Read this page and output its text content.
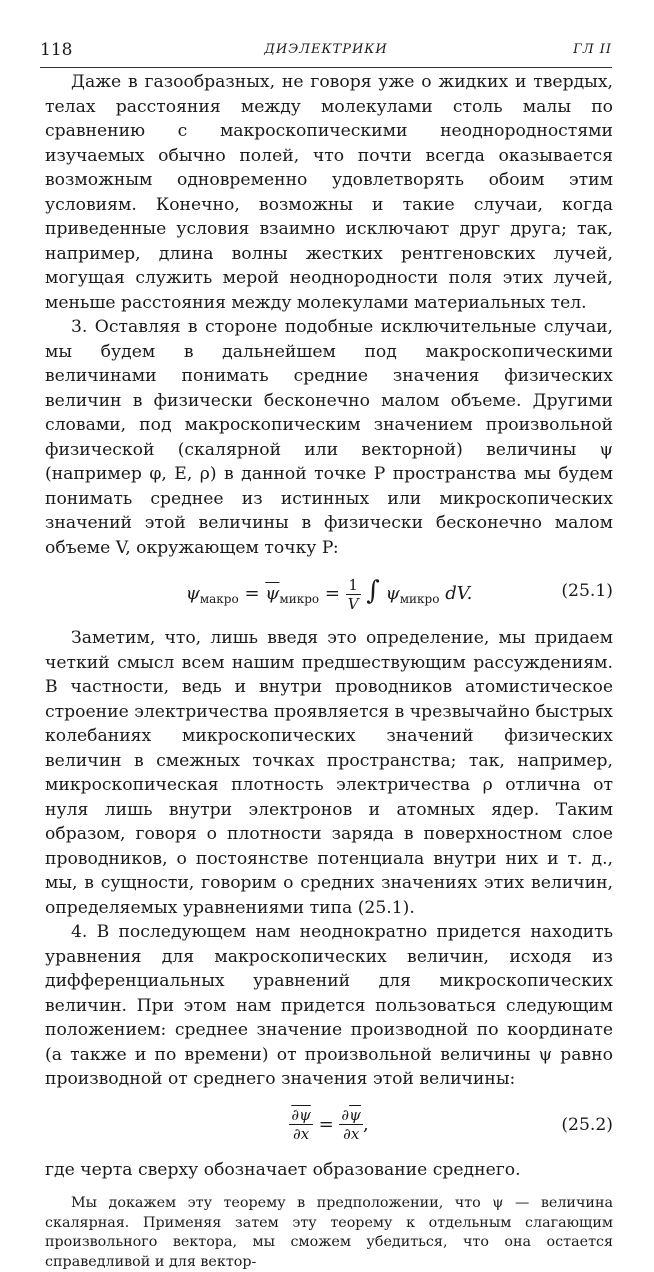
118	ДИЭЛЕКТРИКИ	ГЛ II

Даже в газообразных, не говоря уже о жидких и твердых, телах расстояния между молекулами столь малы по сравнению с макроскопическими неоднородностями изучаемых обычно полей, что почти всегда оказывается возможным одновременно удовлетворять обоим этим условиям. Конечно, возможны и такие случаи, когда приведенные условия взаимно исключают друг друга; так, например, длина волны жестких рентгеновских лучей, могущая служить мерой неоднородности поля этих лучей, меньше расстояния между молекулами материальных тел.

3. Оставляя в стороне подобные исключительные случаи, мы будем в дальнейшем под макроскопическими величинами понимать средние значения физических величин в физически бесконечно малом объеме. Другими словами, под макроскопическим значением произвольной физической (скалярной или векторной) величины ψ (например φ, E, ρ) в данной точке P пространства мы будем понимать среднее из истинных или микроскопических значений этой величины в физически бесконечно малом объеме V, окружающем точку P:

$\psi_{макро} = \overline{\psi}_{микро} = \frac{1}{V}$ ∫ $\psi_{микро}$ dV.	(25.1)

Заметим, что, лишь введя это определение, мы придаем четкий смысл всем нашим предшествующим рассуждениям. В частности, ведь и внутри проводников атомистическое строение электричества проявляется в чрезвычайно быстрых колебаниях микроскопических значений физических величин в смежных точках пространства; так, например, микроскопическая плотность электричества ρ отлична от нуля лишь внутри электронов и атомных ядер. Таким образом, говоря о плотности заряда в поверхностном слое проводников, о постоянстве потенциала внутри них и т. д., мы, в сущности, говорим о средних значениях этих величин, определяемых уравнениями типа (25.1).

4. В последующем нам неоднократно придется находить уравнения для макроскопических величин, исходя из дифференциальных уравнений для микроскопических величин. При этом нам придется пользоваться следующим положением: среднее значение производной по координате (а также и по времени) от произвольной величины ψ равно производной от среднего значения этой величины:

$\frac{\partial\psi}{\partial x} = \frac{\partial\overline{\psi}}{\partial x}$ ,	(25.2)

где черта сверху обозначает образование среднего.

Мы докажем эту теорему в предположении, что ψ — величина скалярная. Применяя затем эту теорему к отдельным слагающим произвольного вектора, мы сможем убедиться, что она остается справедливой и для вектор-
